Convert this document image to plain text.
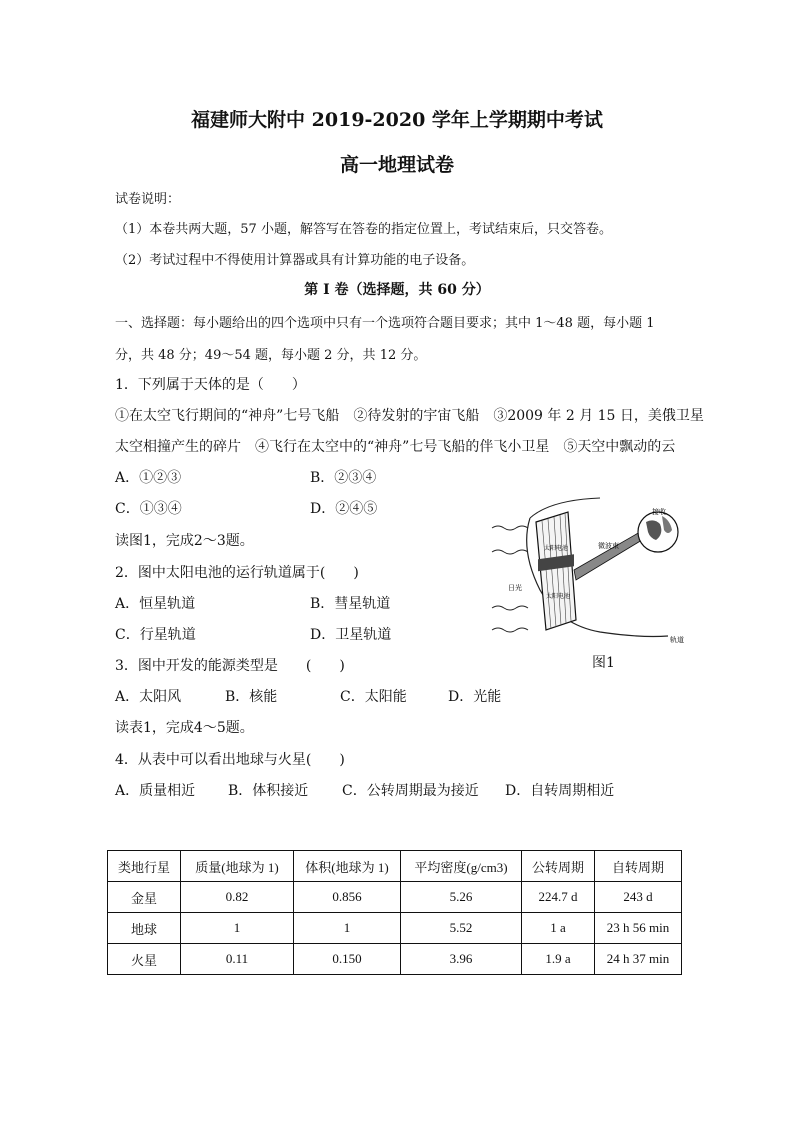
福建师大附中 2019-2020 学年上学期期中考试
高一地理试卷
试卷说明：
（1）本卷共两大题，57 小题，解答写在答卷的指定位置上，考试结束后，只交答卷。
（2）考试过程中不得使用计算器或具有计算功能的电子设备。
第 I 卷（选择题，共 60 分）
一、选择题：每小题给出的四个选项中只有一个选项符合题目要求；其中 1～48 题，每小题 1
分，共 48 分；49～54 题，每小题 2 分，共 12 分。
1．下列属于天体的是（　　）
①在太空飞行期间的“神舟”七号飞船　②待发射的宇宙飞船　③2009 年 2 月 15 日，美俄卫星
太空相撞产生的碎片　④飞行在太空中的“神舟”七号飞船的伴飞小卫星　⑤天空中飘动的云
A．①②③	B．②③④
C．①③④	D．②④⑤
读图1，完成2～3题。
2．图中太阳电池的运行轨道属于(　　)
A．恒星轨道	B．彗星轨道
C．行星轨道	D．卫星轨道
3．图中开发的能源类型是　　(　　)
A．太阳风	B．核能	C．太阳能	D．光能
读表1，完成4～5题。
4．从表中可以看出地球与火星(　　)
A．质量相近 B．体积接近 C．公转周期最为接近 D．自转周期相近
接收
微波束
太阳电池
太阳电池
日光
轨道
图1
类地行星	质量(地球为 1)	体积(地球为 1)	平均密度(g/cm3)	公转周期	自转周期
金星	0.82	0.856	5.26	224.7 d	243 d
地球	1	1	5.52	1 a	23 h 56 min
火星	0.11	0.150	3.96	1.9 a	24 h 37 min
